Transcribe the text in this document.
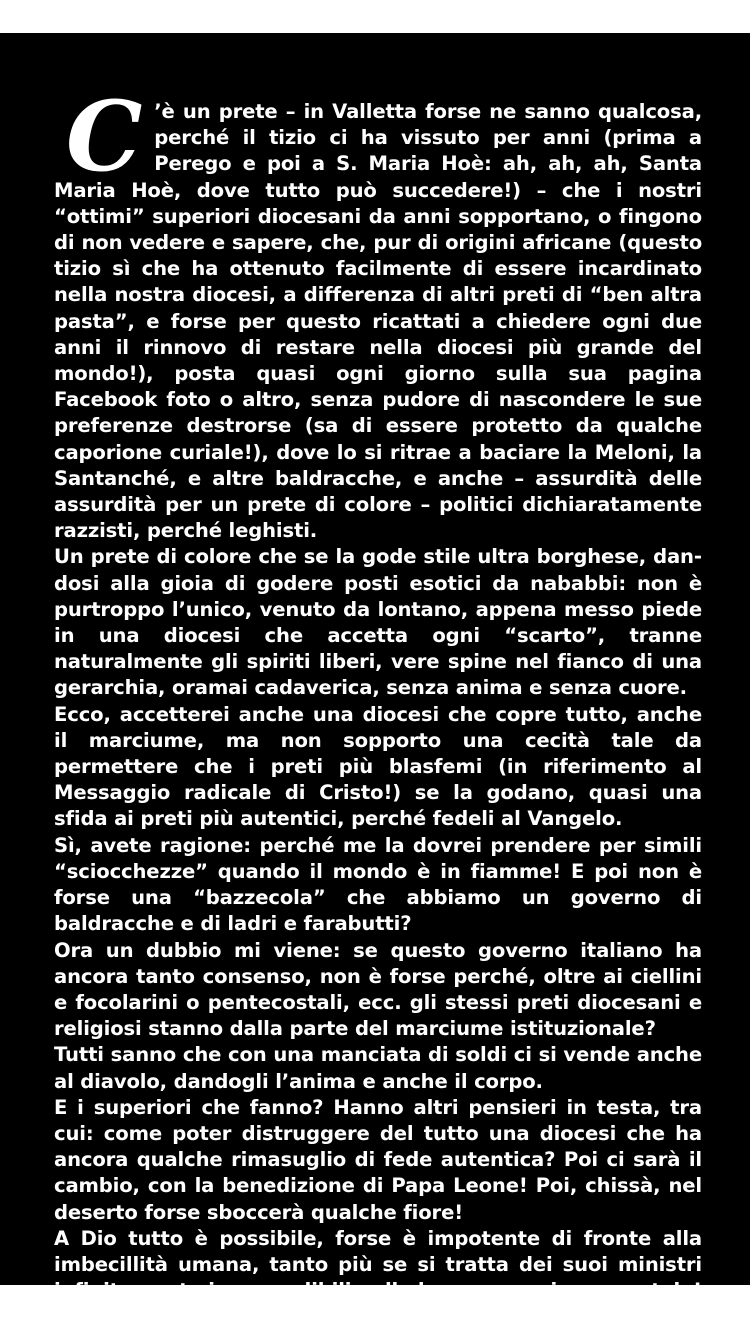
C ’è un prete – in Valletta forse ne sanno qualcosa, perché il tizio ci ha vissuto per anni (prima a Perego e poi a S. Maria Hoè: ah, ah, ah, Santa Maria Hoè, dove tutto può succedere!) – che i nostri “ottimi” superiori diocesani da anni sopportano, o fingono di non vedere e sapere, che, pur di origini africane (questo tizio sì che ha ottenuto facilmente di essere incardinato nella nostra diocesi, a differenza di altri preti di “ben altra pasta”, e forse per questo ricattati a chiedere ogni due anni il rinnovo di restare nella diocesi più grande del mondo!), posta quasi ogni giorno sulla sua pagina Facebook foto o altro, senza pudore di nascondere le sue preferenze destrorse (sa di essere protetto da qualche caporione curiale!), dove lo si ritrae a baciare la Meloni, la Santanché, e altre baldracche, e anche – assurdità delle assurdità per un prete di colore – politici dichiaratamente razzisti, perché leghisti.

Un prete di colore che se la gode stile ultra borghese, dandosi alla gioia di godere posti esotici da nababbi: non è purtroppo l’unico, venuto da lontano, appena messo piede in una diocesi che accetta ogni “scarto”, tranne naturalmente gli spiriti liberi, vere spine nel fianco di una gerarchia, oramai cadaverica, senza anima e senza cuore.

Ecco, accetterei anche una diocesi che copre tutto, anche il marciume, ma non sopporto una cecità tale da permettere che i preti più blasfemi (in riferimento al Messaggio radicale di Cristo!) se la godano, quasi una sfida ai preti più autentici, perché fedeli al Vangelo.

Sì, avete ragione: perché me la dovrei prendere per simili “sciocchezze” quando il mondo è in fiamme! E poi non è forse una “bazzecola” che abbiamo un governo di baldracche e di ladri e farabutti?

Ora un dubbio mi viene: se questo governo italiano ha ancora tanto consenso, non è forse perché, oltre ai ciellini e focolarini o pentecostali, ecc. gli stessi preti diocesani e religiosi stanno dalla parte del marciume istituzionale?

Tutti sanno che con una manciata di soldi ci si vende anche al diavolo, dandogli l’anima e anche il corpo.

E i superiori che fanno? Hanno altri pensieri in testa, tra cui: come poter distruggere del tutto una diocesi che ha ancora qualche rimasuglio di fede autentica? Poi ci sarà il cambio, con la benedizione di Papa Leone! Poi, chissà, nel deserto forse sboccerà qualche fiore!

A Dio tutto è possibile, forse è impotente di fronte alla imbecillità umana, tanto più se si tratta dei suoi ministri infinitamente imprevedibili nella loro perversione mentale!

DON GIORGIO DE CAPITANI
